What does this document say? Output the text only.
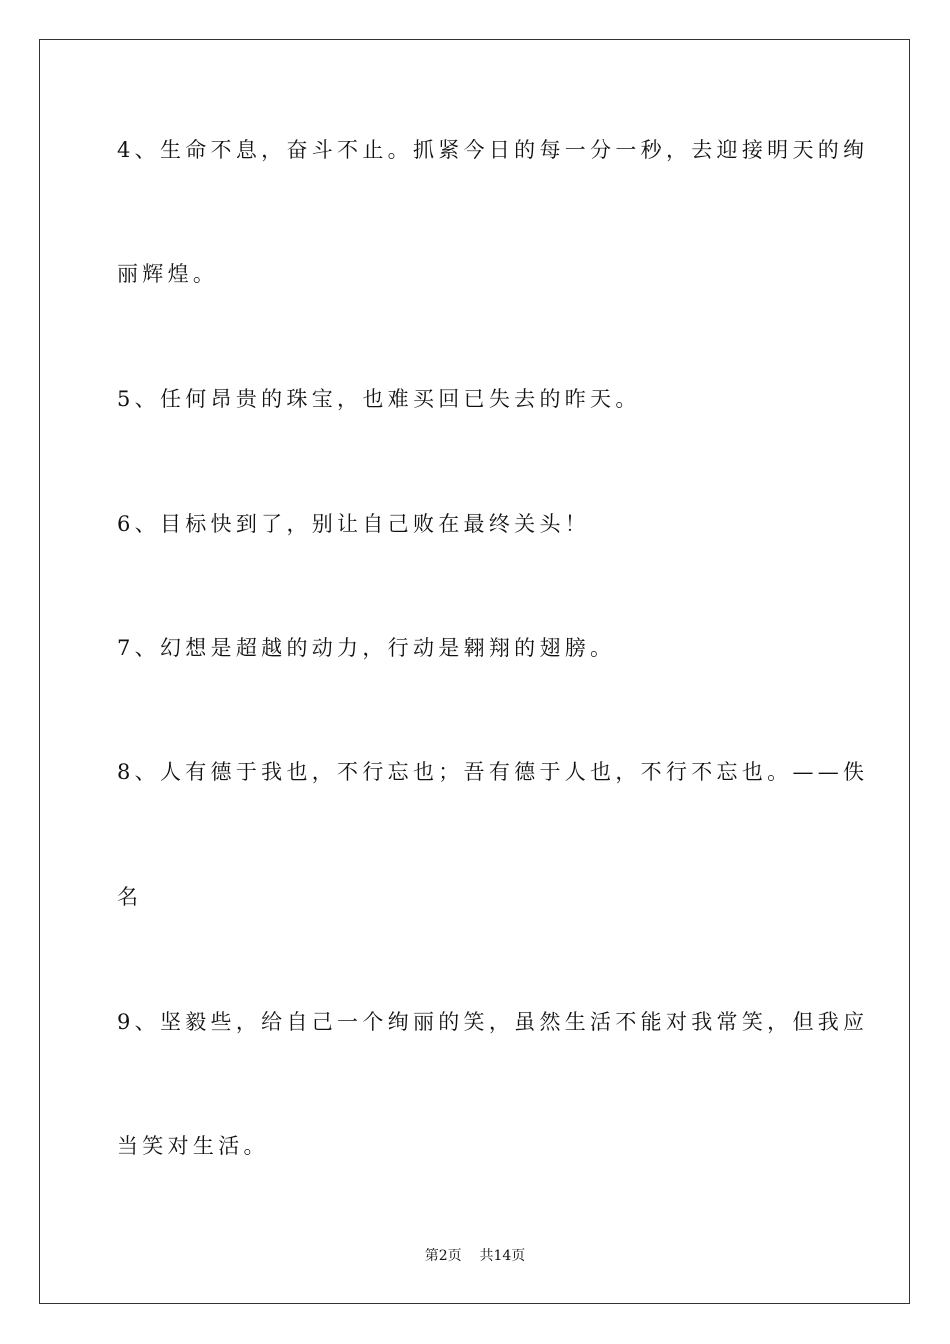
4、生命不息，奋斗不止。抓紧今日的每一分一秒，去迎接明天的绚
丽辉煌。
5、任何昂贵的珠宝，也难买回已失去的昨天。
6、目标快到了，别让自己败在最终关头！
7、幻想是超越的动力，行动是翱翔的翅膀。
8、人有德于我也，不行忘也；吾有德于人也，不行不忘也。——佚
名
9、坚毅些，给自己一个绚丽的笑，虽然生活不能对我常笑，但我应
当笑对生活。
第2页    共14页
